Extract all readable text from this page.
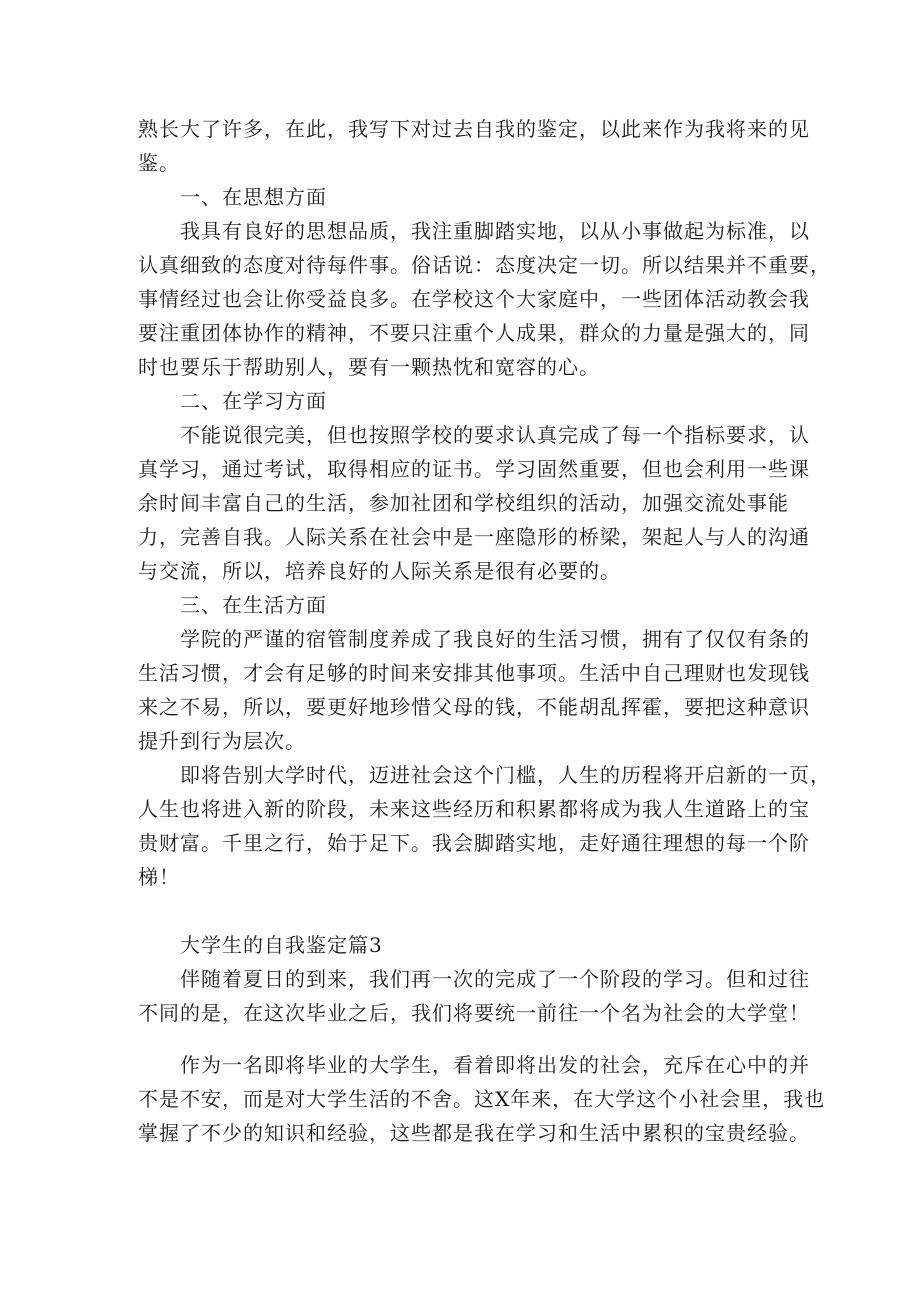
熟长大了许多，在此，我写下对过去自我的鉴定，以此来作为我将来的见
鉴。
一、在思想方面
我具有良好的思想品质，我注重脚踏实地，以从小事做起为标准，以
认真细致的态度对待每件事。俗话说：态度决定一切。所以结果并不重要，
事情经过也会让你受益良多。在学校这个大家庭中，一些团体活动教会我
要注重团体协作的精神，不要只注重个人成果，群众的力量是强大的，同
时也要乐于帮助别人，要有一颗热忱和宽容的心。
二、在学习方面
不能说很完美，但也按照学校的要求认真完成了每一个指标要求，认
真学习，通过考试，取得相应的证书。学习固然重要，但也会利用一些课
余时间丰富自己的生活，参加社团和学校组织的活动，加强交流处事能
力，完善自我。人际关系在社会中是一座隐形的桥梁，架起人与人的沟通
与交流，所以，培养良好的人际关系是很有必要的。
三、在生活方面
学院的严谨的宿管制度养成了我良好的生活习惯，拥有了仅仅有条的
生活习惯，才会有足够的时间来安排其他事项。生活中自己理财也发现钱
来之不易，所以，要更好地珍惜父母的钱，不能胡乱挥霍，要把这种意识
提升到行为层次。
即将告别大学时代，迈进社会这个门槛，人生的历程将开启新的一页，
人生也将进入新的阶段，未来这些经历和积累都将成为我人生道路上的宝
贵财富。千里之行，始于足下。我会脚踏实地，走好通往理想的每一个阶
梯！
大学生的自我鉴定篇3
伴随着夏日的到来，我们再一次的完成了一个阶段的学习。但和过往
不同的是，在这次毕业之后，我们将要统一前往一个名为社会的大学堂！
作为一名即将毕业的大学生，看着即将出发的社会，充斥在心中的并
不是不安，而是对大学生活的不舍。这X年来，在大学这个小社会里，我也
掌握了不少的知识和经验，这些都是我在学习和生活中累积的宝贵经验。
